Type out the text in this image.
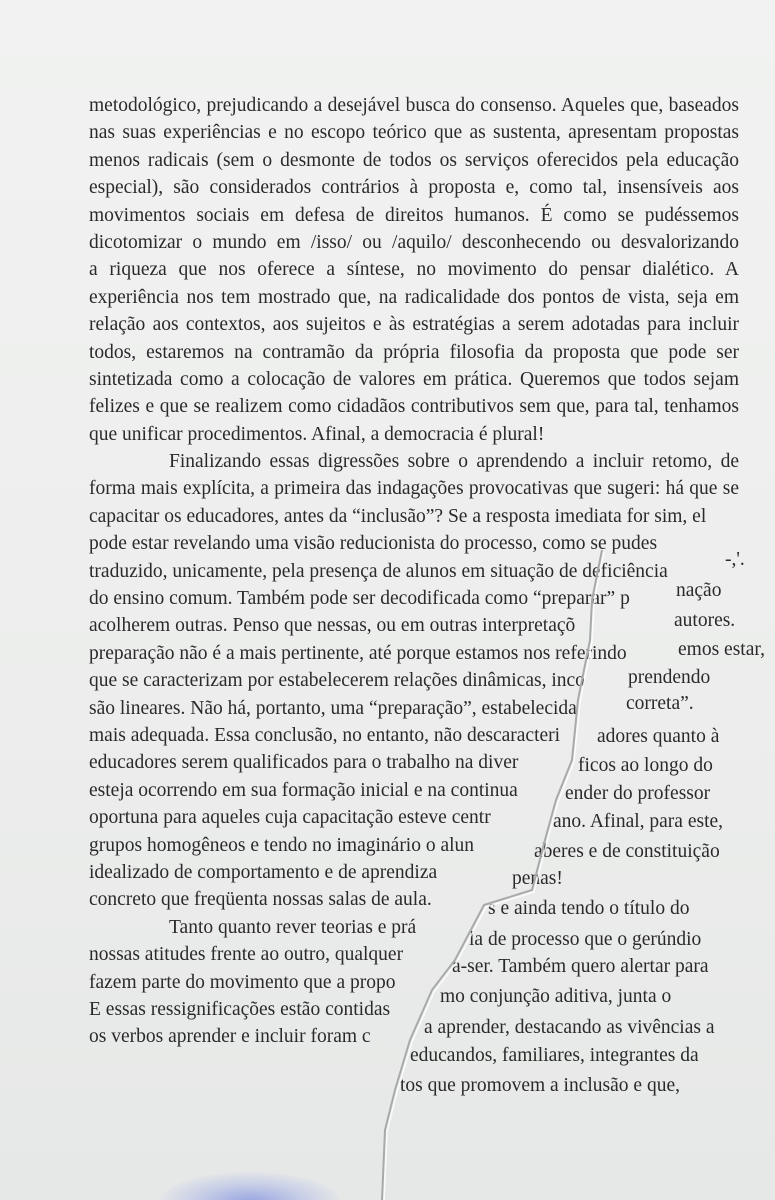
metodológico, prejudicando a desejável busca do consenso. Aqueles que, baseados
nas suas experiências e no escopo teórico que as sustenta, apresentam propostas
menos radicais (sem o desmonte de todos os serviços oferecidos pela educação
especial), são considerados contrários à proposta e, como tal, insensíveis aos
movimentos sociais em defesa de direitos humanos. É como se pudéssemos
dicotomizar o mundo em /isso/ ou /aquilo/ desconhecendo ou desvalorizando
a riqueza que nos oferece a síntese, no movimento do pensar dialético. A
experiência nos tem mostrado que, na radicalidade dos pontos de vista, seja em
relação aos contextos, aos sujeitos e às estratégias a serem adotadas para incluir
todos, estaremos na contramão da própria filosofia da proposta que pode ser
sintetizada como a colocação de valores em prática. Queremos que todos sejam
felizes e que se realizem como cidadãos contributivos sem que, para tal, tenhamos
que unificar procedimentos. Afinal, a democracia é plural!
Finalizando essas digressões sobre o aprendendo a incluir retomo, de
forma mais explícita, a primeira das indagações provocativas que sugeri: há que se
capacitar os educadores, antes da “inclusão”? Se a resposta imediata for sim, el
pode estar revelando uma visão reducionista do processo, como se pudes
traduzido, unicamente, pela presença de alunos em situação de deficiência
do ensino comum. Também pode ser decodificada como “preparar” p
acolherem outras. Penso que nessas, ou em outras interpretaçõ
preparação não é a mais pertinente, até porque estamos nos referindo
que se caracterizam por estabelecerem relações dinâmicas, inco
são lineares. Não há, portanto, uma “preparação”, estabelecida
mais adequada. Essa conclusão, no entanto, não descaracteri
educadores serem qualificados para o trabalho na diver
esteja ocorrendo em sua formação inicial e na continua
oportuna para aqueles cuja capacitação esteve centr
grupos homogêneos e tendo no imaginário o alun
idealizado de comportamento e de aprendiza
concreto que freqüenta nossas salas de aula.
Tanto quanto rever teorias e prá
nossas atitudes frente ao outro, qualquer
fazem parte do movimento que a propo
E essas ressignificações estão contidas
os verbos aprender e incluir foram c
-,'.
nação
autores.
emos estar,
prendendo
correta”.
adores quanto à
ficos ao longo do
ender do professor
ano. Afinal, para este,
aberes e de constituição
penas!
s e ainda tendo o título do
la de processo que o gerúndio
a-ser. Também quero alertar para
mo conjunção aditiva, junta o
a aprender, destacando as vivências a
educandos, familiares, integrantes da
tos que promovem a inclusão e que,
